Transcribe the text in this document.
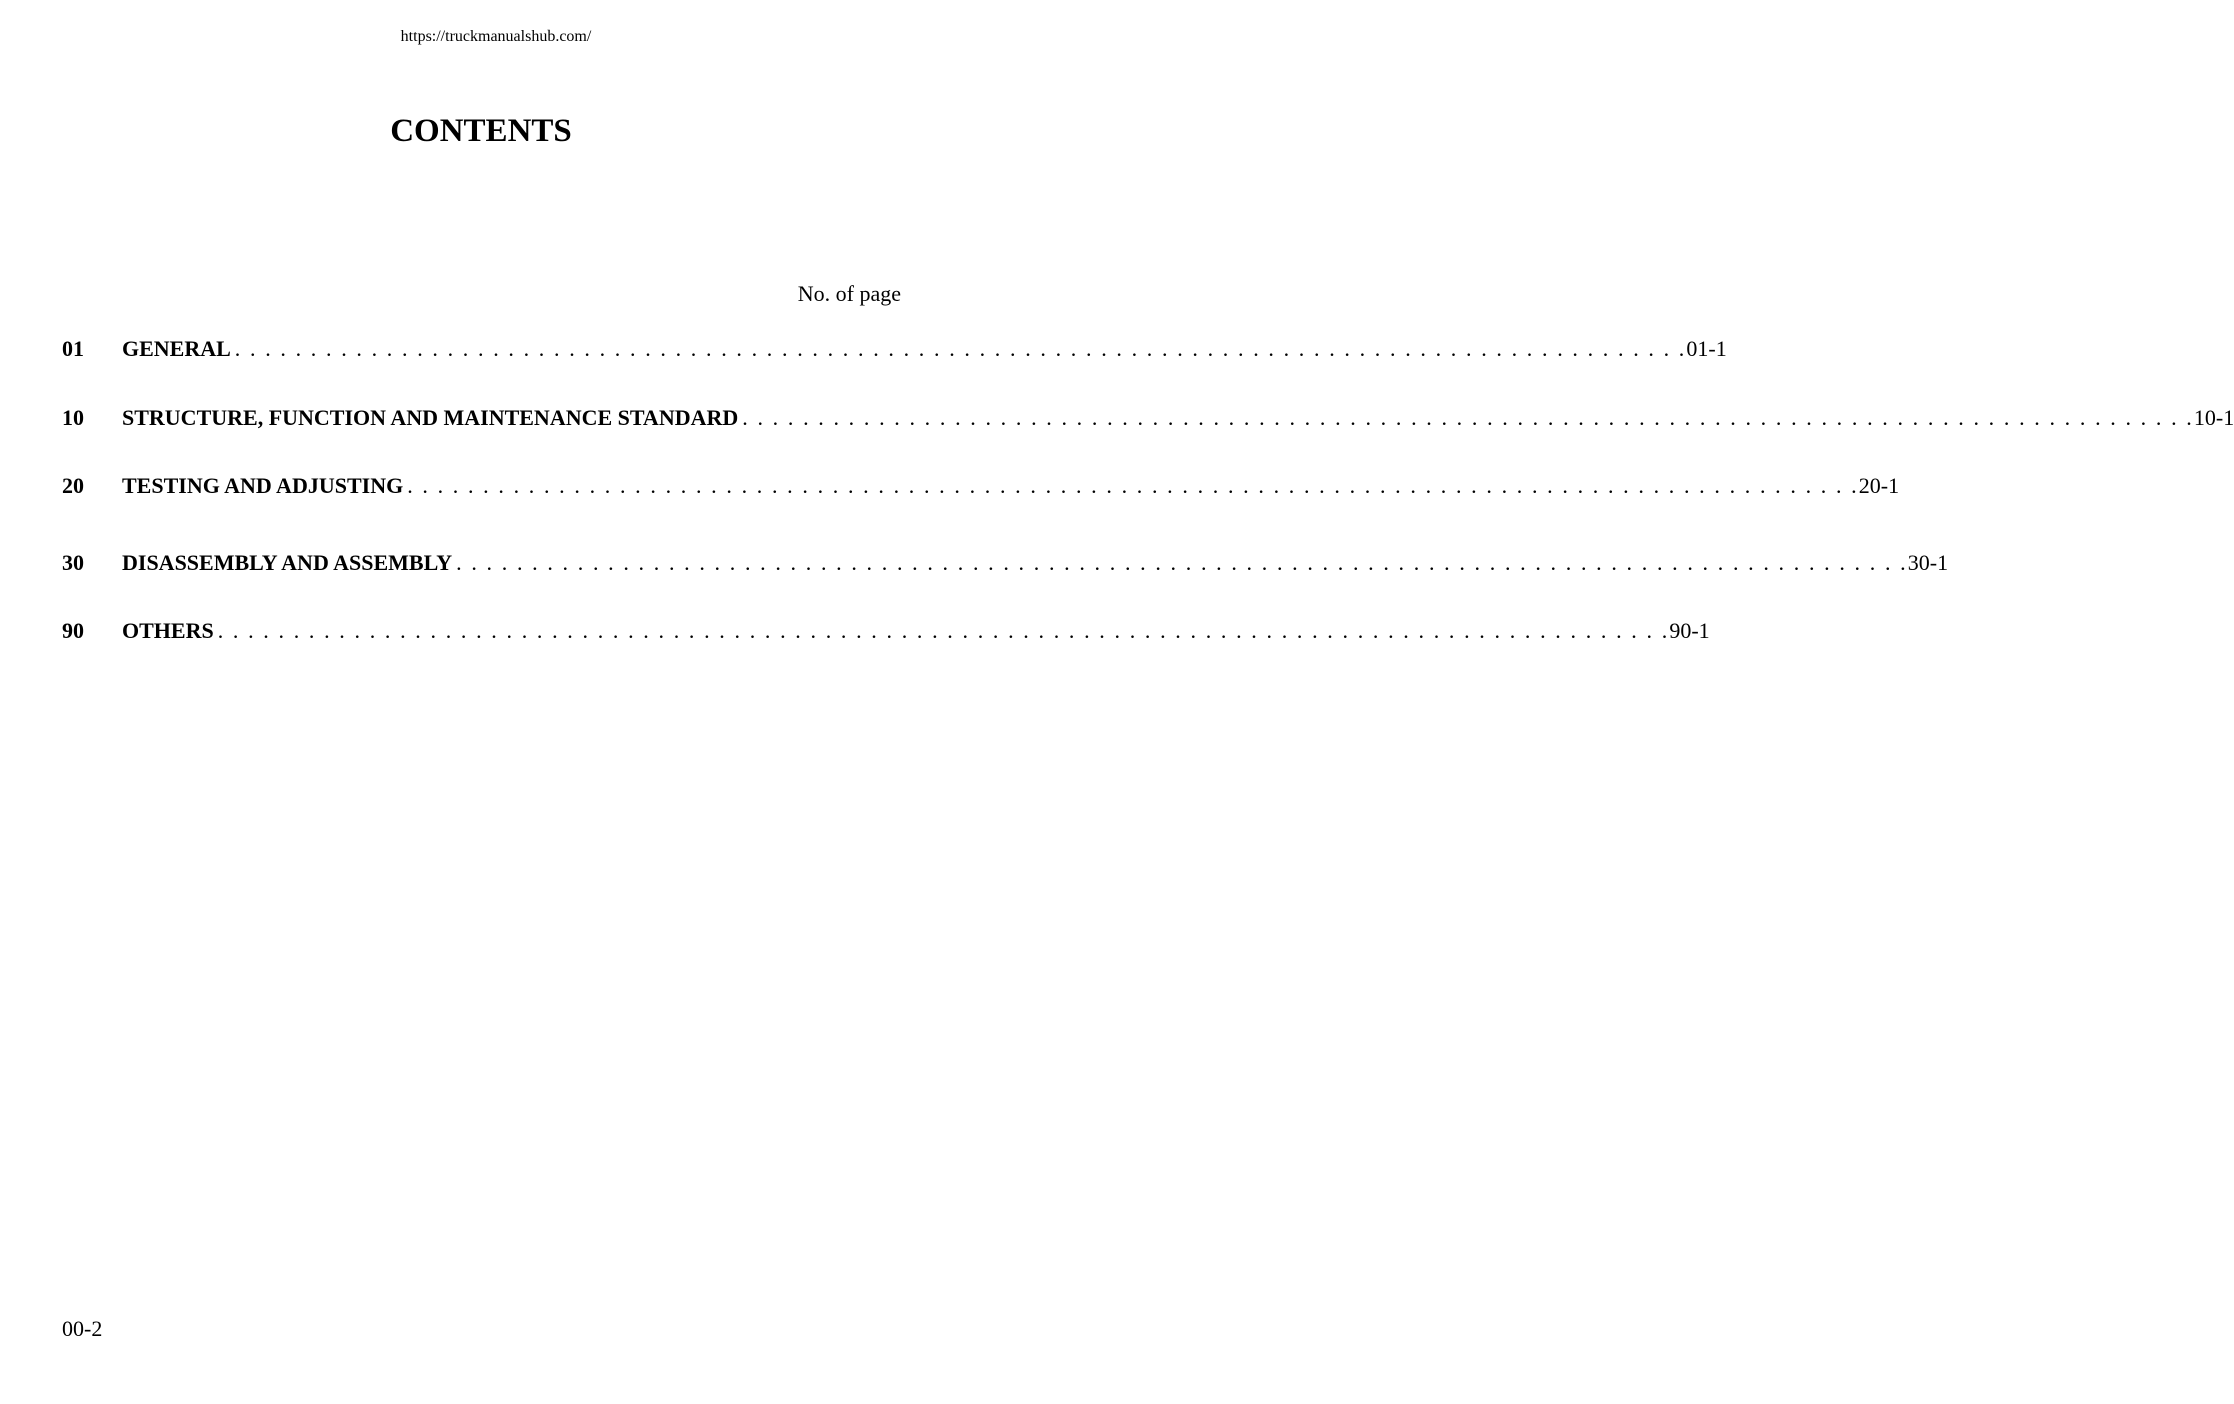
https://truckmanualshub.com/
CONTENTS
No. of page
01	GENERAL . . . . . . . . . . . . . . . . . . . . . . . . . . . . . . . . . . . . . . . . . . . . . . . . . . . . . . . . . . . . . . . . . . . . . . . . . . . . . . . . . . . . . . . . . . . . . . . . 01-1
10	STRUCTURE, FUNCTION AND MAINTENANCE STANDARD . . . . . . . . . . . . . . . . . . . . . . . . . . . . . . . . . . . . . . . . . . . . . . . . . . . . . . . . . . . . . . . . . . . . . . . . . . . . . . . . . . . . . . . . . . . . . . . . 10-1
20	TESTING AND ADJUSTING . . . . . . . . . . . . . . . . . . . . . . . . . . . . . . . . . . . . . . . . . . . . . . . . . . . . . . . . . . . . . . . . . . . . . . . . . . . . . . . . . . . . . . . . . . . . . . . . 20-1
30	DISASSEMBLY AND ASSEMBLY . . . . . . . . . . . . . . . . . . . . . . . . . . . . . . . . . . . . . . . . . . . . . . . . . . . . . . . . . . . . . . . . . . . . . . . . . . . . . . . . . . . . . . . . . . . . . . . . 30-1
90	OTHERS . . . . . . . . . . . . . . . . . . . . . . . . . . . . . . . . . . . . . . . . . . . . . . . . . . . . . . . . . . . . . . . . . . . . . . . . . . . . . . . . . . . . . . . . . . . . . . . . 90-1
00-2
